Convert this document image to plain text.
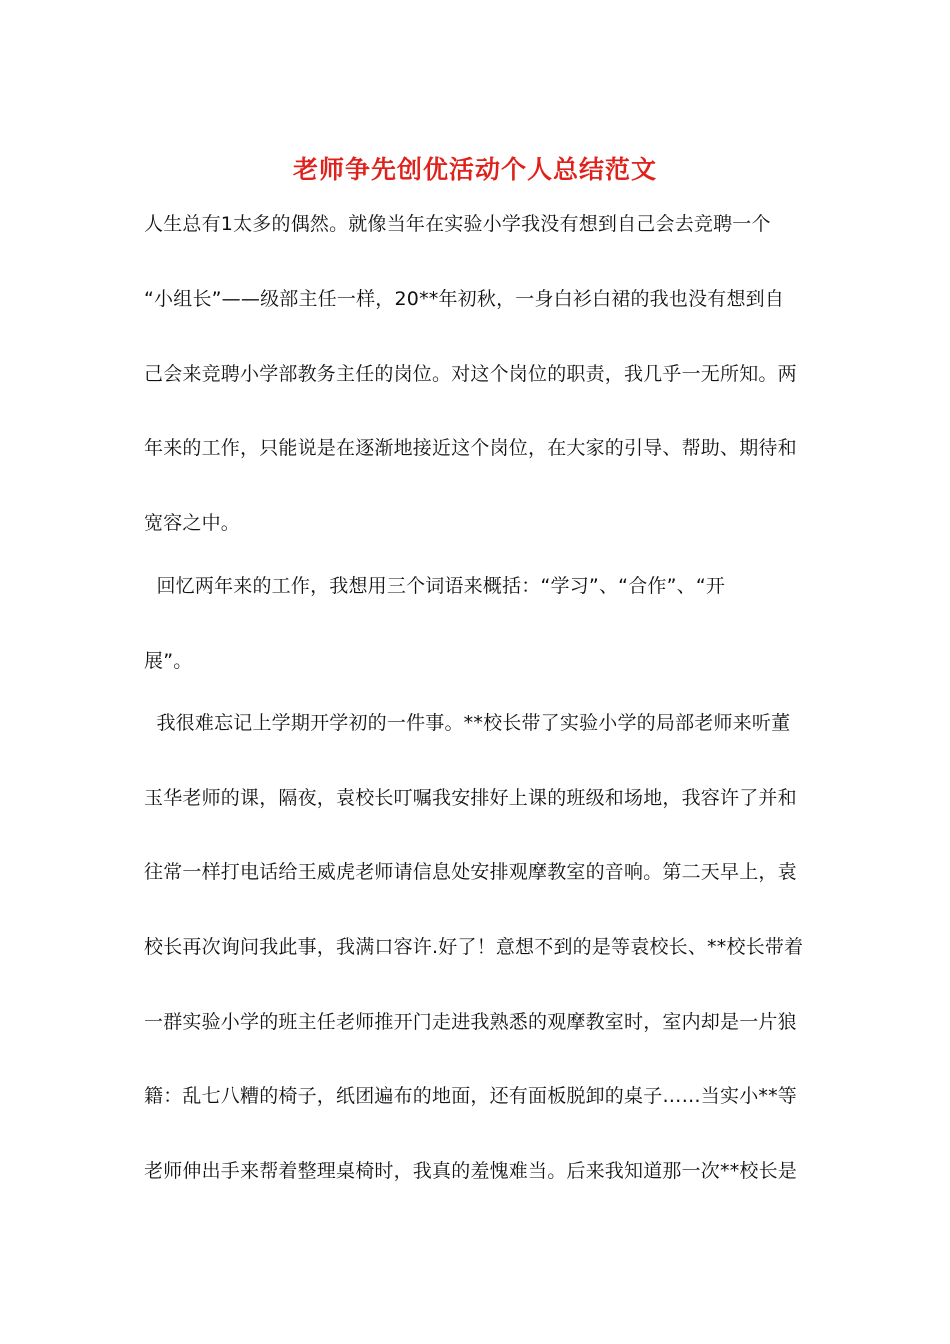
老师争先创优活动个人总结范文
人生总有1太多的偶然。就像当年在实验小学我没有想到自己会去竞聘一个
“小组长”——级部主任一样，20**年初秋，一身白衫白裙的我也没有想到自
己会来竞聘小学部教务主任的岗位。对这个岗位的职责，我几乎一无所知。两
年来的工作，只能说是在逐渐地接近这个岗位，在大家的引导、帮助、期待和
宽容之中。
回忆两年来的工作，我想用三个词语来概括：“学习”、“合作”、“开
展”。
我很难忘记上学期开学初的一件事。**校长带了实验小学的局部老师来听董
玉华老师的课，隔夜，袁校长叮嘱我安排好上课的班级和场地，我容许了并和
往常一样打电话给王威虎老师请信息处安排观摩教室的音响。第二天早上，袁
校长再次询问我此事，我满口容许.好了！意想不到的是等袁校长、**校长带着
一群实验小学的班主任老师推开门走进我熟悉的观摩教室时，室内却是一片狼
籍：乱七八糟的椅子，纸团遍布的地面，还有面板脱卸的桌子……当实小**等
老师伸出手来帮着整理桌椅时，我真的羞愧难当。后来我知道那一次**校长是
